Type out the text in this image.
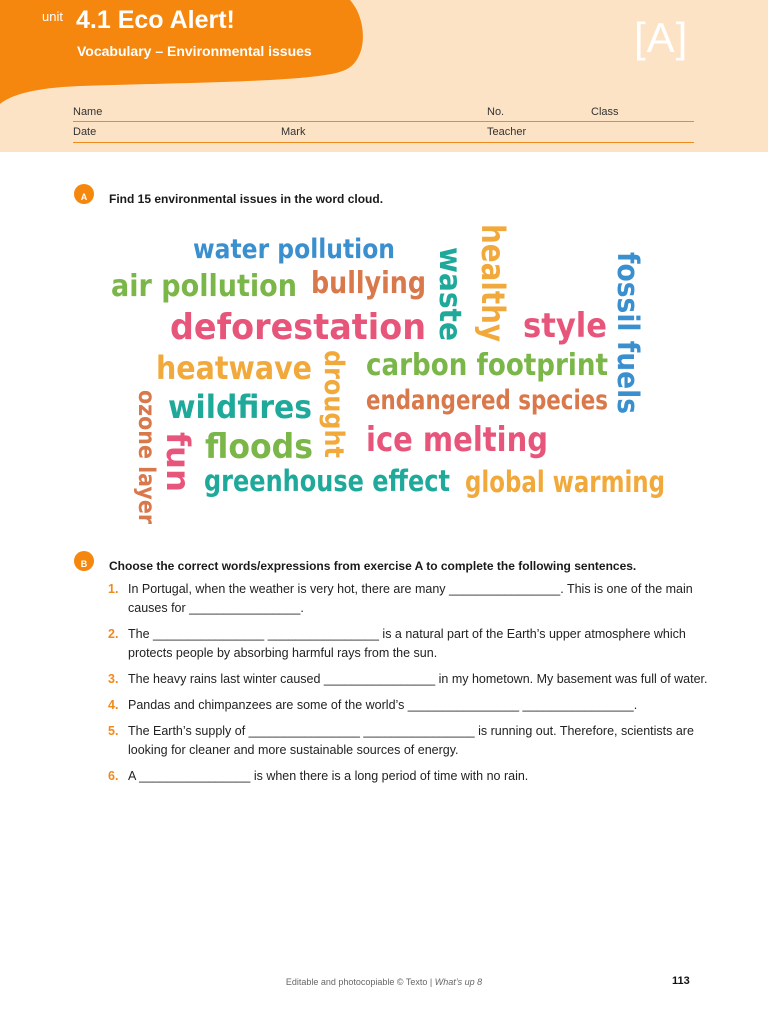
unit 4.1 Eco Alert!
Vocabulary – Environmental issues	[A]
Name	No.	Class
Date	Mark	Teacher
A	Find 15 environmental issues in the word cloud.
water pollution
air pollution bullying
deforestation	style
heatwave carbon footprint
endangered species
wildfires
floods ice melting
greenhouse effect global warming
waste healthy	fossil fuels
drought
fun
ozone layer
B	Choose the correct words/expressions from exercise A to complete the following sentences.
1. In Portugal, when the weather is very hot, there are many ________________. This is one of the main causes for ________________.
2. The ________________ ________________ is a natural part of the Earth’s upper atmosphere which protects people by absorbing harmful rays from the sun.
3. The heavy rains last winter caused ________________ in my hometown. My basement was full of water.
4. Pandas and chimpanzees are some of the world’s ________________ ________________.
5. The Earth’s supply of ________________ ________________ is running out. Therefore, scientists are looking for cleaner and more sustainable sources of energy.
6. A ________________ is when there is a long period of time with no rain.
Editable and photocopiable © Texto | What’s up 8	113
